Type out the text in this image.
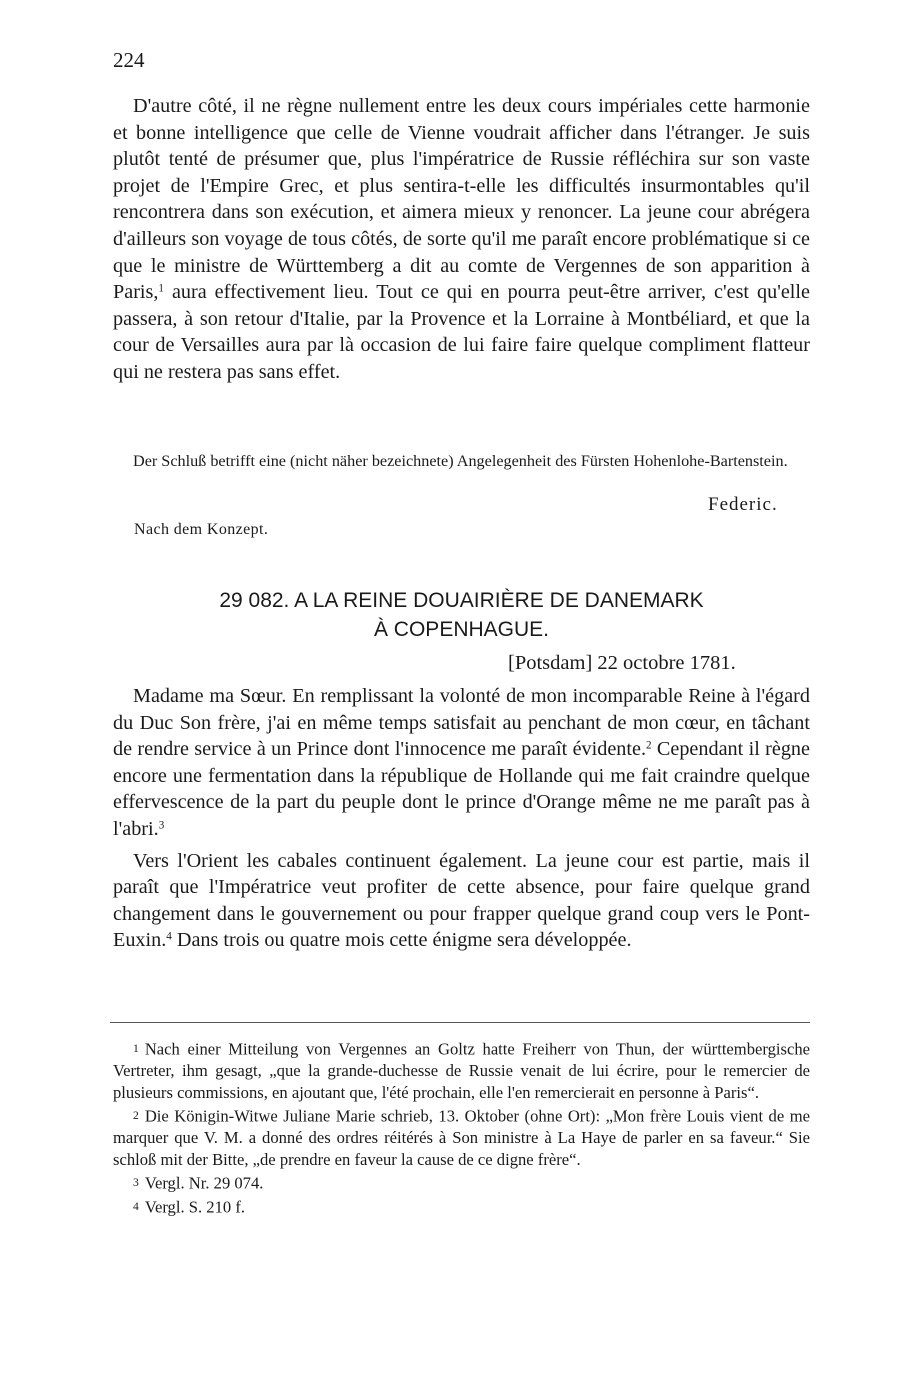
224

D'autre côté, il ne règne nullement entre les deux cours impériales cette harmonie et bonne intelligence que celle de Vienne voudrait afficher dans l'étranger. Je suis plutôt tenté de présumer que, plus l'impératrice de Russie réfléchira sur son vaste projet de l'Empire Grec, et plus sentira-t-elle les difficultés insurmontables qu'il rencontrera dans son exécution, et aimera mieux y renoncer. La jeune cour abrégera d'ailleurs son voyage de tous côtés, de sorte qu'il me paraît encore problématique si ce que le ministre de Württemberg a dit au comte de Vergennes de son apparition à Paris,$^1$ aura effectivement lieu. Tout ce qui en pourra peut-être arriver, c'est qu'elle passera, à son retour d'Italie, par la Provence et la Lorraine à Montbéliard, et que la cour de Versailles aura par là occasion de lui faire faire quelque compliment flatteur qui ne restera pas sans effet.

Der Schluß betrifft eine (nicht näher bezeichnete) Angelegenheit des Fürsten Hohenlohe-Bartenstein.
Federic.
Nach dem Konzept.
29 082. A LA REINE DOUAIRIÈRE DE DANEMARK
À COPENHAGUE.
[Potsdam] 22 octobre 1781.

Madame ma Sœur. En remplissant la volonté de mon incomparable Reine à l'égard du Duc Son frère, j'ai en même temps satisfait au penchant de mon cœur, en tâchant de rendre service à un Prince dont l'innocence me paraît évidente.$^2$ Cependant il règne encore une fermentation dans la république de Hollande qui me fait craindre quelque effervescence de la part du peuple dont le prince d'Orange même ne me paraît pas à l'abri.$^3$

Vers l'Orient les cabales continuent également. La jeune cour est partie, mais il paraît que l'Impératrice veut profiter de cette absence, pour faire quelque grand changement dans le gouvernement ou pour frapper quelque grand coup vers le Pont-Euxin.$^4$ Dans trois ou quatre mois cette énigme sera développée.

1 Nach einer Mitteilung von Vergennes an Goltz hatte Freiherr von Thun, der württembergische Vertreter, ihm gesagt, „que la grande-duchesse de Russie venait de lui écrire, pour le remercier de plusieurs commissions, en ajoutant que, l'été prochain, elle l'en remercierait en personne à Paris“.

2 Die Königin-Witwe Juliane Marie schrieb, 13. Oktober (ohne Ort): „Mon frère Louis vient de me marquer que V. M. a donné des ordres réitérés à Son ministre à La Haye de parler en sa faveur.“ Sie schloß mit der Bitte, „de prendre en faveur la cause de ce digne frère“.

3 Vergl. Nr. 29 074.

4 Vergl. S. 210 f.
